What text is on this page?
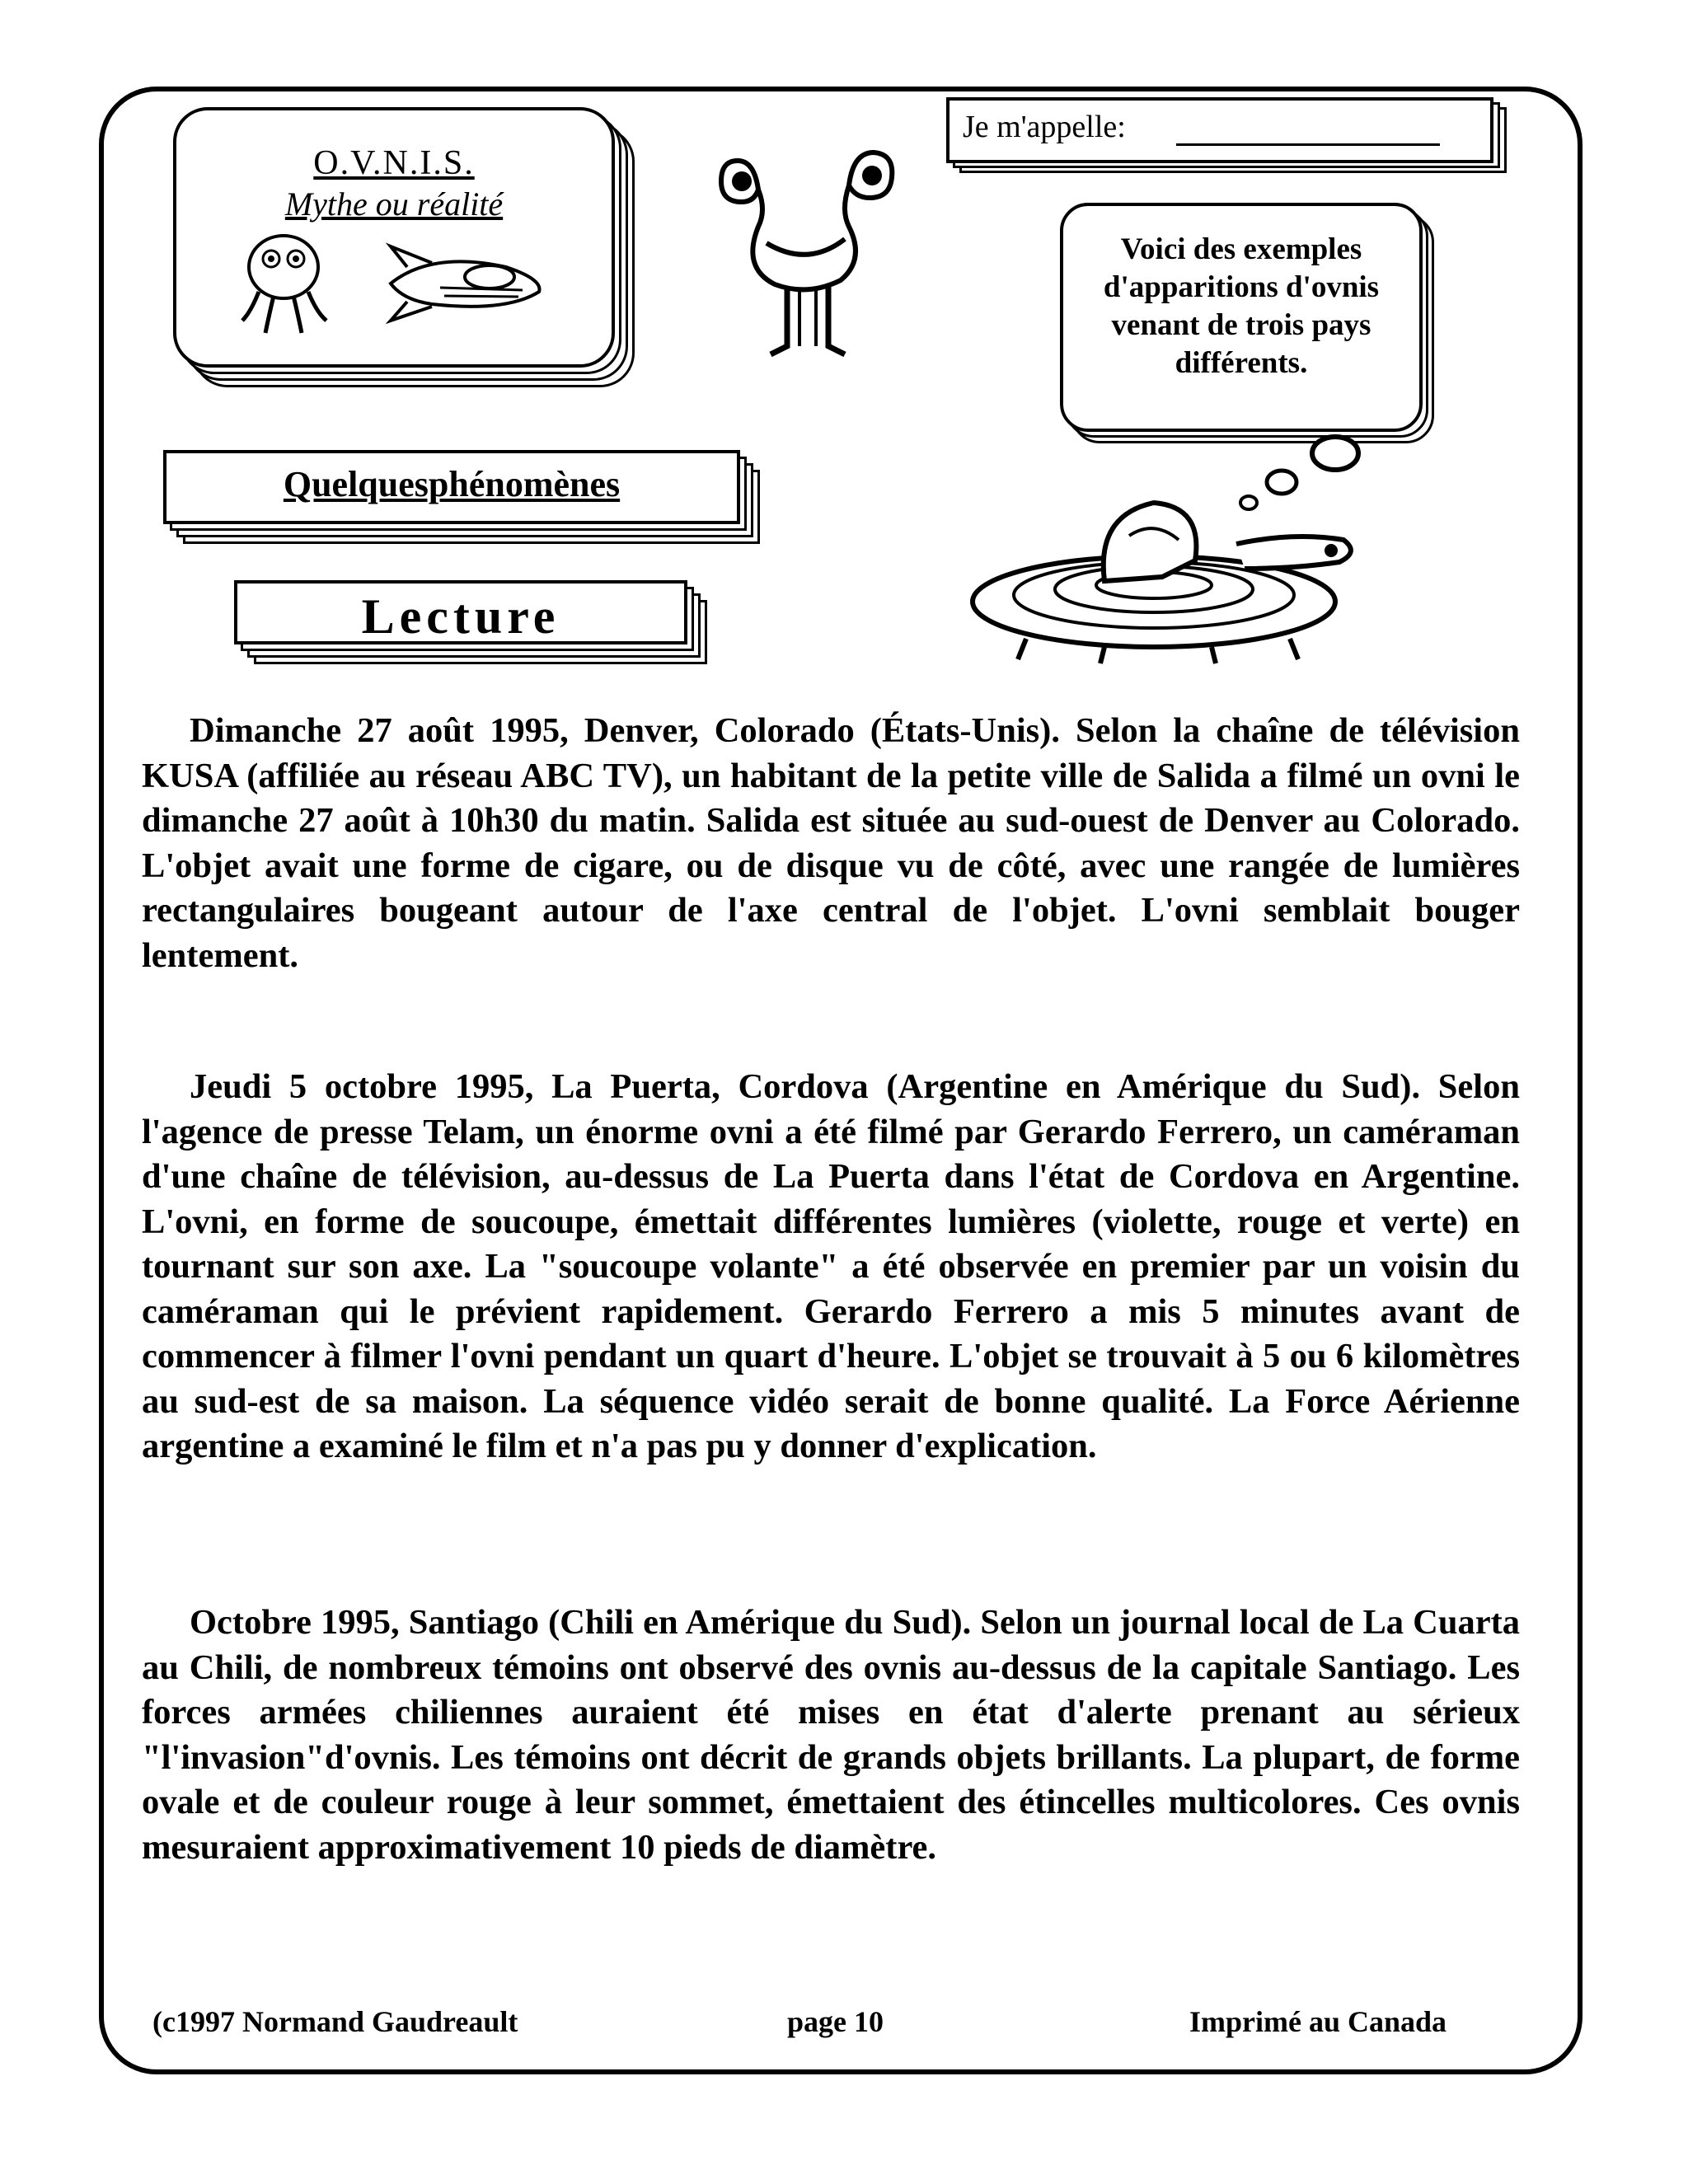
O.V.N.I.S.
Mythe ou réalité
Je m'appelle:
Voici des exemples d'apparitions d'ovnis venant de trois pays différents.
Quelquesphénomènes
Lecture

Dimanche 27 août 1995, Denver, Colorado (États-Unis). Selon la chaîne de télévision KUSA (affiliée au réseau ABC TV), un habitant de la petite ville de Salida a filmé un ovni le dimanche 27 août à 10h30 du matin. Salida est située au sud-ouest de Denver au Colorado. L'objet avait une forme de cigare, ou de disque vu de côté, avec une rangée de lumières rectangulaires bougeant autour de l'axe central de l'objet. L'ovni semblait bouger lentement.

Jeudi 5 octobre 1995, La Puerta, Cordova (Argentine en Amérique du Sud). Selon l'agence de presse Telam, un énorme ovni a été filmé par Gerardo Ferrero, un caméraman d'une chaîne de télévision, au-dessus de La Puerta dans l'état de Cordova en Argentine. L'ovni, en forme de soucoupe, émettait différentes lumières (violette, rouge et verte) en tournant sur son axe. La "soucoupe volante" a été observée en premier par un voisin du caméraman qui le prévient rapidement. Gerardo Ferrero a mis 5 minutes avant de commencer à filmer l'ovni pendant un quart d'heure. L'objet se trouvait à 5 ou 6 kilomètres au sud-est de sa maison. La séquence vidéo serait de bonne qualité. La Force Aérienne argentine a examiné le film et n'a pas pu y donner d'explication.

Octobre 1995, Santiago (Chili en Amérique du Sud). Selon un journal local de La Cuarta au Chili, de nombreux témoins ont observé des ovnis au-dessus de la capitale Santiago. Les forces armées chiliennes auraient été mises en état d'alerte prenant au sérieux "l'invasion"d'ovnis. Les témoins ont décrit de grands objets brillants. La plupart, de forme ovale et de couleur rouge à leur sommet, émettaient des étincelles multicolores. Ces ovnis mesuraient approximativement 10 pieds de diamètre.

(c1997 Normand Gaudreault	page 10	Imprimé au Canada
